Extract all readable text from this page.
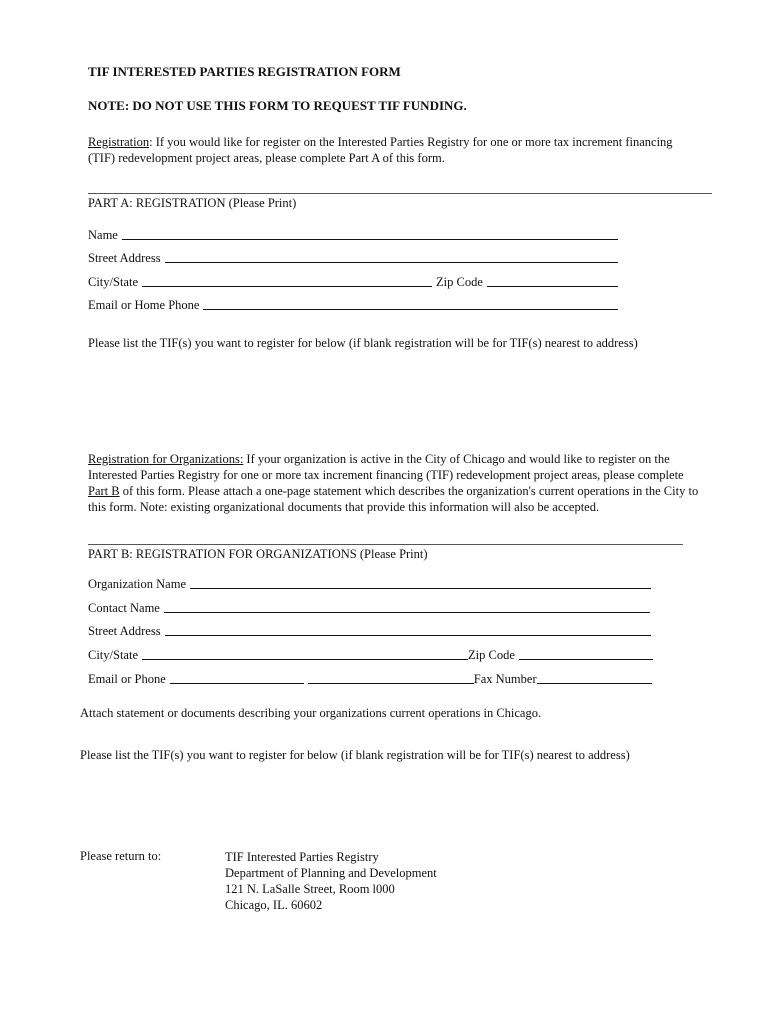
TIF INTERESTED PARTIES REGISTRATION FORM
NOTE: DO NOT USE THIS FORM TO REQUEST TIF FUNDING.
Registration: If you would like for register on the Interested Parties Registry for one or more tax increment financing (TIF) redevelopment project areas, please complete Part A of this form.
PART A: REGISTRATION (Please Print)
Name
Street Address
City/State	Zip Code
Email or Home Phone
Please list the TIF(s) you want to register for below (if blank registration will be for TIF(s) nearest to address)
Registration for Organizations: If your organization is active in the City of Chicago and would like to register on the Interested Parties Registry for one or more tax increment financing (TIF) redevelopment project areas, please complete Part B of this form. Please attach a one-page statement which describes the organization's current operations in the City to this form. Note: existing organizational documents that provide this information will also be accepted.
PART B: REGISTRATION FOR ORGANIZATIONS (Please Print)
Organization Name
Contact Name
Street Address
City/State	Zip Code
Email or Phone	Fax Number
Attach statement or documents describing your organizations current operations in Chicago.
Please list the TIF(s) you want to register for below (if blank registration will be for TIF(s) nearest to address)
Please return to:	TIF Interested Parties Registry
Department of Planning and Development
121 N. LaSalle Street, Room l000
Chicago, IL. 60602
